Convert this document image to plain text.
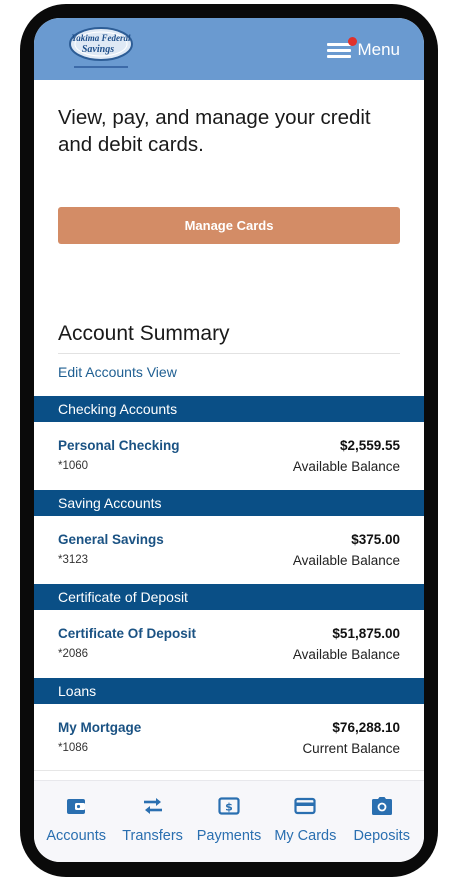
Yakima Federal
Savings	Menu
View, pay, and manage your credit and debit cards.
Manage Cards
Account Summary
Edit Accounts View
Checking Accounts
Personal Checking
*1060
$2,559.55
Available Balance
Saving Accounts
General Savings
*3123
$375.00
Available Balance
Certificate of Deposit
Certificate Of Deposit
*2086
$51,875.00
Available Balance
Loans
My Mortgage
*1086
$76,288.10
Current Balance
Accounts Transfers
$
Payments My Cards Deposits
